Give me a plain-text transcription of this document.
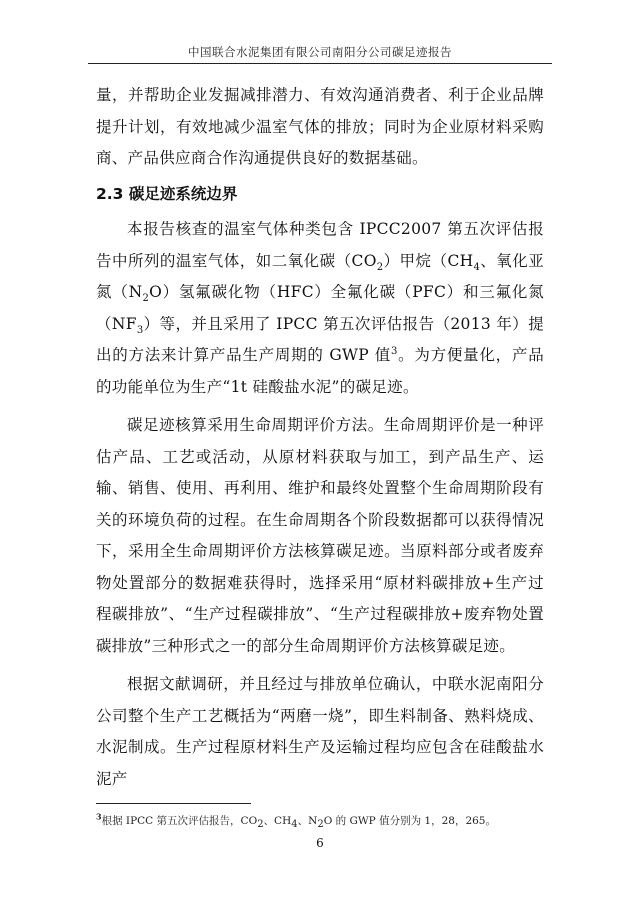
中国联合水泥集团有限公司南阳分公司碳足迹报告

量，并帮助企业发掘减排潜力、有效沟通消费者、利于企业品牌提升计划，有效地减少温室气体的排放；同时为企业原材料采购商、产品供应商合作沟通提供良好的数据基础。

2.3 碳足迹系统边界

本报告核查的温室气体种类包含 IPCC2007 第五次评估报告中所列的温室气体，如二氧化碳$(CO_2)$甲烷（$CH_4$、氧化亚氮$(N_2O)$氢氟碳化物（HFC）全氟化碳（PFC）和三氟化氮$(NF_3)$等，并且采用了 IPCC 第五次评估报告（2013 年）提出的方法来计算产品生产周期的 GWP 值$^3$。为方便量化，产品的功能单位为生产“1t 硅酸盐水泥”的碳足迹。

碳足迹核算采用生命周期评价方法。生命周期评价是一种评估产品、工艺或活动，从原材料获取与加工，到产品生产、运输、销售、使用、再利用、维护和最终处置整个生命周期阶段有关的环境负荷的过程。在生命周期各个阶段数据都可以获得情况下，采用全生命周期评价方法核算碳足迹。当原料部分或者废弃物处置部分的数据难获得时，选择采用“原材料碳排放+生产过程碳排放”、“生产过程碳排放”、“生产过程碳排放+废弃物处置碳排放”三种形式之一的部分生命周期评价方法核算碳足迹。

根据文献调研，并且经过与排放单位确认，中联水泥南阳分公司整个生产工艺概括为“两磨一烧”，即生料制备、熟料烧成、水泥制成。生产过程原材料生产及运输过程均应包含在硅酸盐水泥产

$^3$根据 IPCC 第五次评估报告，$CO_2$、$CH_4$、$N_2O$ 的 GWP 值分别为 1，28，265。
6
